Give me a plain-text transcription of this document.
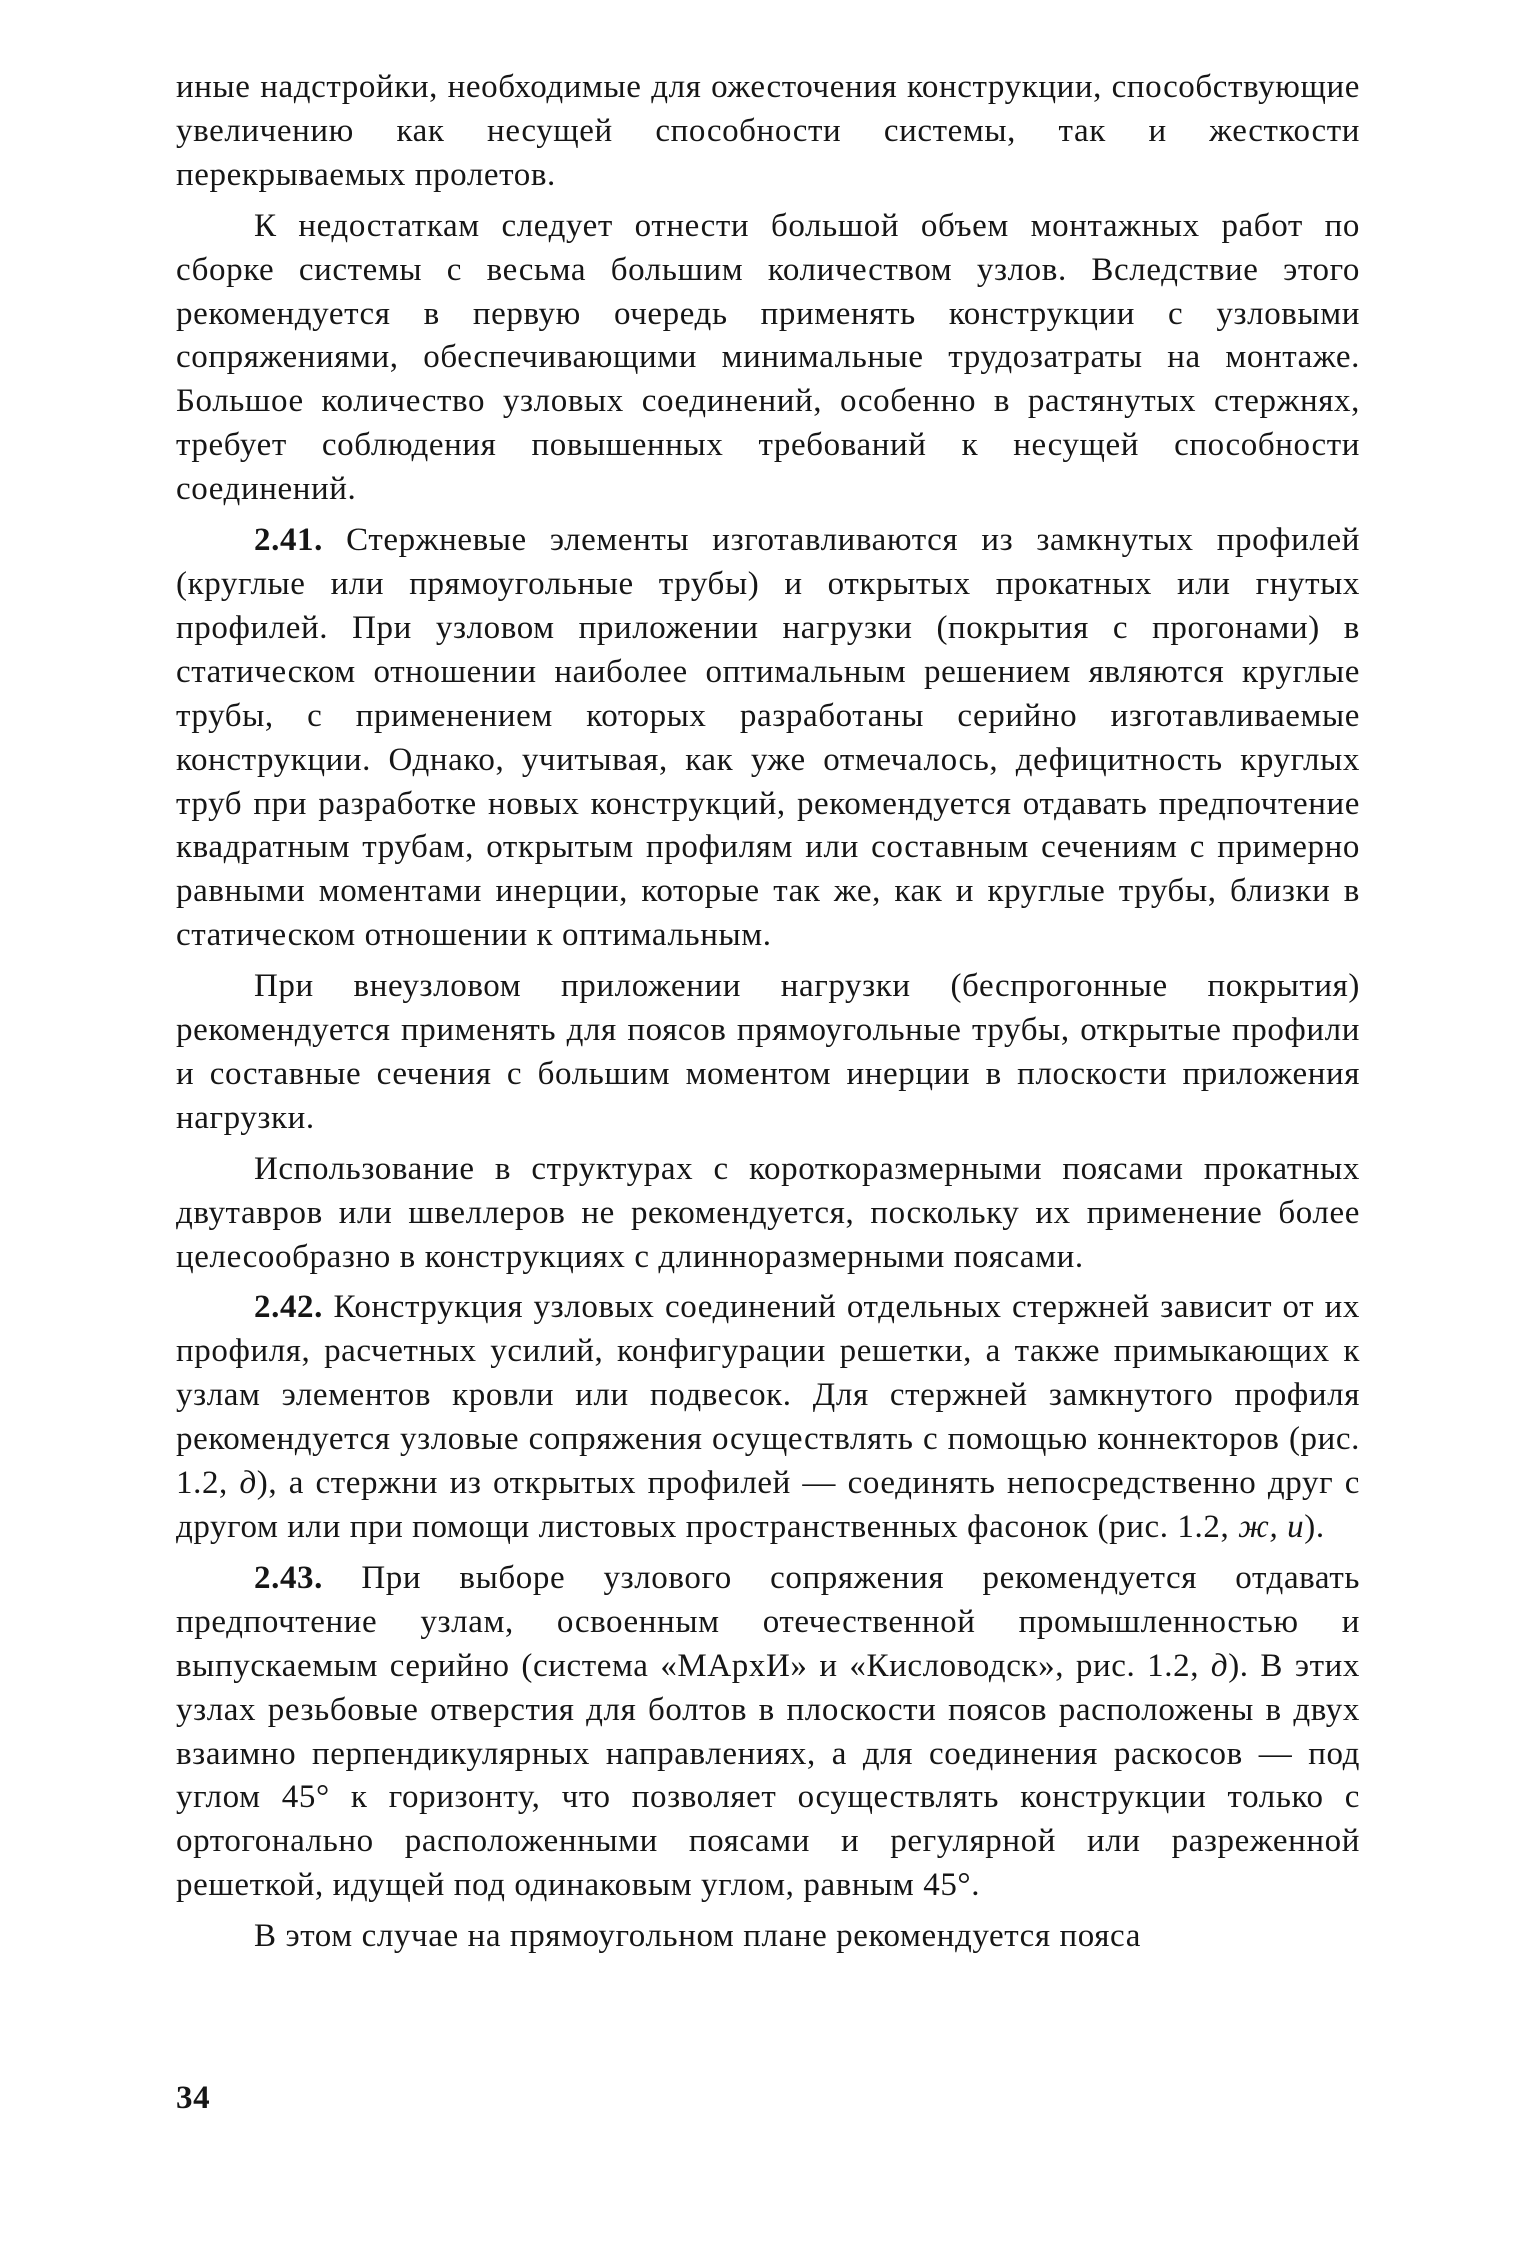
иные надстройки, необходимые для ожесточения конструкции, способствующие увеличению как несущей способности системы, так и жесткости перекрываемых пролетов.

К недостаткам следует отнести большой объем монтажных работ по сборке системы с весьма большим количеством узлов. Вследствие этого рекомендуется в первую очередь применять конструкции с узловыми сопряжениями, обеспечивающими минимальные трудозатраты на монтаже. Большое количество узловых соединений, особенно в растянутых стержнях, требует соблюдения повышенных требований к несущей способности соединений.

2.41. Стержневые элементы изготавливаются из замкнутых профилей (круглые или прямоугольные трубы) и открытых прокатных или гнутых профилей. При узловом приложении нагрузки (покрытия с прогонами) в статическом отношении наиболее оптимальным решением являются круглые трубы, с применением которых разработаны серийно изготавливаемые конструкции. Однако, учитывая, как уже отмечалось, дефицитность круглых труб при разработке новых конструкций, рекомендуется отдавать предпочтение квадратным трубам, открытым профилям или составным сечениям с примерно равными моментами инерции, которые так же, как и круглые трубы, близки в статическом отношении к оптимальным.

При внеузловом приложении нагрузки (беспрогонные покрытия) рекомендуется применять для поясов прямоугольные трубы, открытые профили и составные сечения с большим моментом инерции в плоскости приложения нагрузки.

Использование в структурах с короткоразмерными поясами прокатных двутавров или швеллеров не рекомендуется, поскольку их применение более целесообразно в конструкциях с длинноразмерными поясами.

2.42. Конструкция узловых соединений отдельных стержней зависит от их профиля, расчетных усилий, конфигурации решетки, а также примыкающих к узлам элементов кровли или подвесок. Для стержней замкнутого профиля рекомендуется узловые сопряжения осуществлять с помощью коннекторов (рис. 1.2, д), а стержни из открытых профилей — соединять непосредственно друг с другом или при помощи листовых пространственных фасонок (рис. 1.2, ж, и).

2.43. При выборе узлового сопряжения рекомендуется отдавать предпочтение узлам, освоенным отечественной промышленностью и выпускаемым серийно (система «МАрхИ» и «Кисловодск», рис. 1.2, д). В этих узлах резьбовые отверстия для болтов в плоскости поясов расположены в двух взаимно перпендикулярных направлениях, а для соединения раскосов — под углом 45° к горизонту, что позволяет осуществлять конструкции только с ортогонально расположенными поясами и регулярной или разреженной решеткой, идущей под одинаковым углом, равным 45°.

В этом случае на прямоугольном плане рекомендуется пояса

34
